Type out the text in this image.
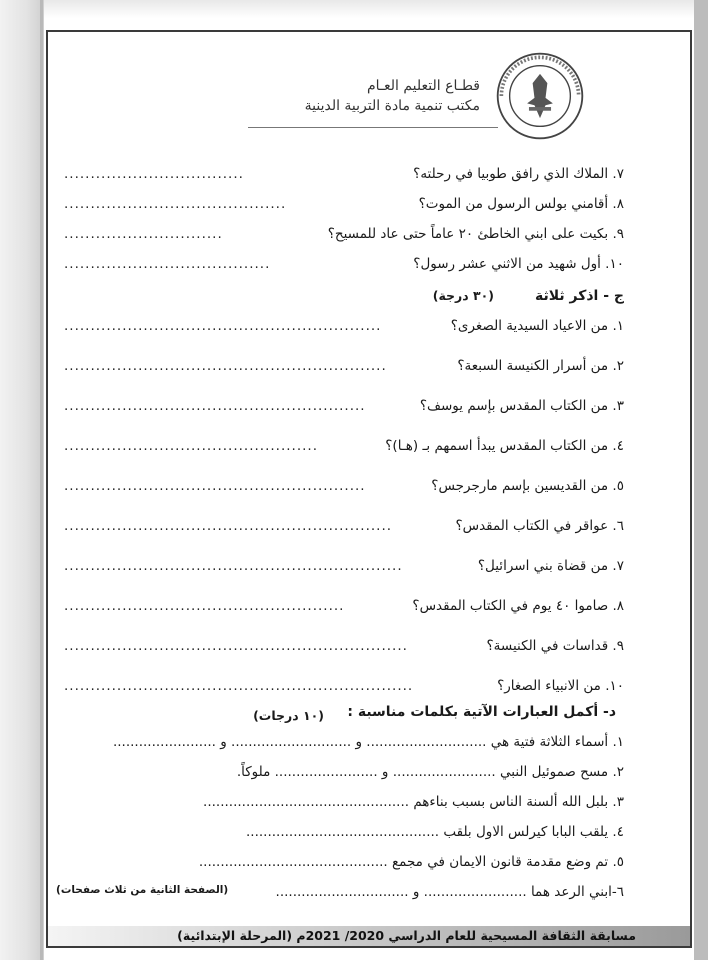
قطـاع التعليم العـام
مكتب تنمية مادة التربية الدينية
٧. الملاك الذي رافق طوبيا في رحلته؟
..................................
٨. أقامني بولس الرسول من الموت؟
..........................................
٩. بكيت على ابني الخاطئ ٢٠ عاماً حتى عاد للمسيح؟
..............................
١٠. أول شهيد من الاثني عشر رسول؟
.......................................
ج - اذكر ثلاثة
(٣٠ درجة)
١. من الاعياد السيدية الصغرى؟
............................................................
٢. من أسرار الكنيسة السبعة؟
.............................................................
٣. من الكتاب المقدس بإسم يوسف؟
.........................................................
٤. من الكتاب المقدس يبدأ اسمهم بـ (هـا)؟
................................................
٥. من القديسين بإسم مارجرجس؟
.........................................................
٦. عواقر في الكتاب المقدس؟
..............................................................
٧. من قضاة بني اسرائيل؟
................................................................
٨. صاموا ٤٠ يوم في الكتاب المقدس؟
.....................................................
٩. قداسات في الكنيسة؟
.................................................................
١٠. من الانبياء الصغار؟
..................................................................
د- أكمل العبارات الآتية بكلمات مناسبة :
(١٠ درجات)
١. أسماء الثلاثة فتية هي ............................ و ............................ و ........................
٢. مسح صموئيل النبي ........................ و ........................ ملوكاً.
٣. بلبل الله ألسنة الناس بسبب بناءهم ................................................
٤. يلقب البابا كيرلس الاول بلقب .............................................
٥. تم وضع مقدمة قانون الايمان في مجمع ............................................
٦-ابني الرعد هما ........................ و ...............................
(الصفحة الثانية من ثلاث صفحات)
مسابقة الثقافة المسيحية للعام الدراسي 2020/ 2021م (المرحلة الإبتدائية)
